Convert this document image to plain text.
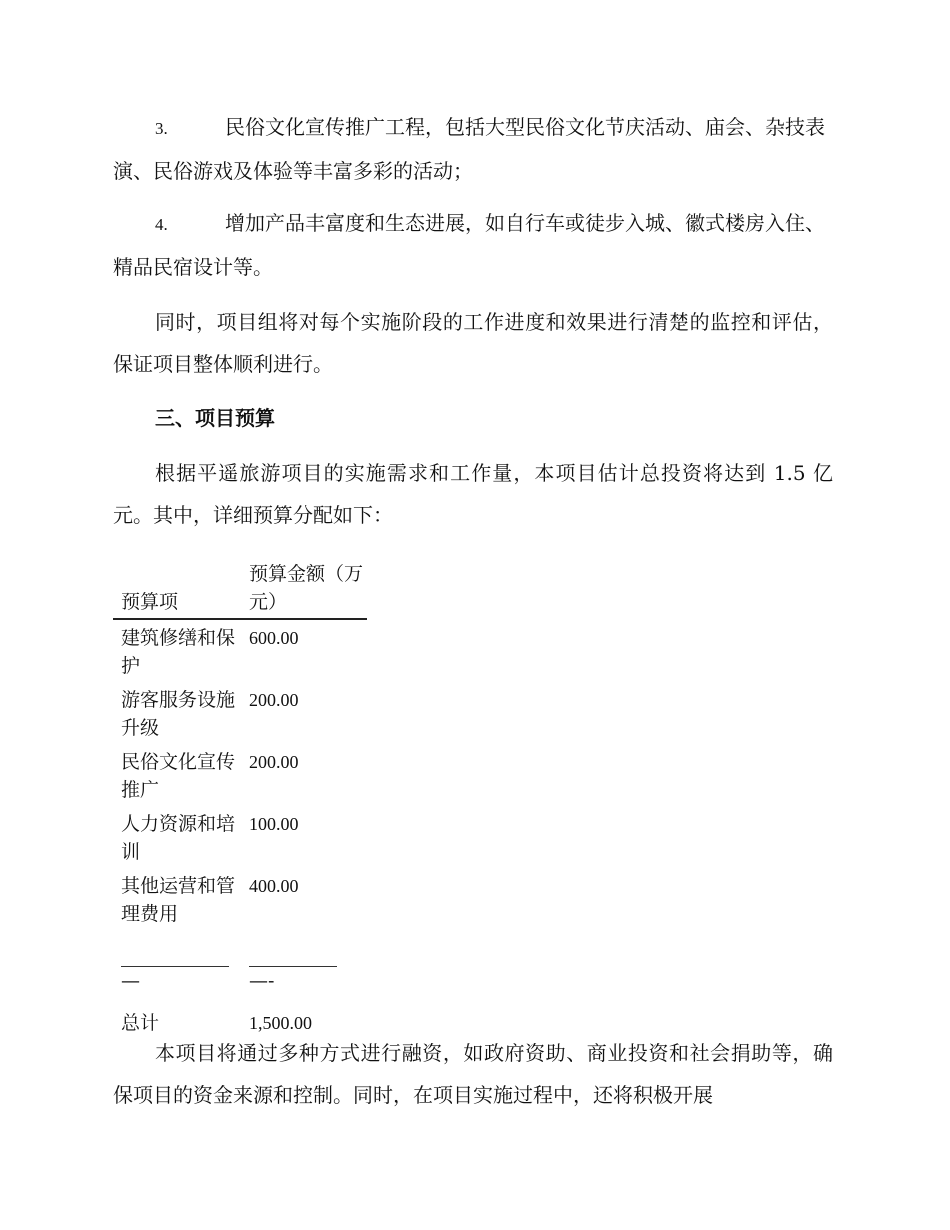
3.	民俗文化宣传推广工程，包括大型民俗文化节庆活动、庙会、杂技表演、民俗游戏及体验等丰富多彩的活动；

4.	增加产品丰富度和生态进展，如自行车或徒步入城、徽式楼房入住、精品民宿设计等。

同时，项目组将对每个实施阶段的工作进度和效果进行清楚的监控和评估，保证项目整体顺利进行。

三、项目预算

根据平遥旅游项目的实施需求和工作量，本项目估计总投资将达到 1.5 亿元。其中，详细预算分配如下：

预算项	预算金额（万元）
建筑修缮和保护	600.00
游客服务设施升级	200.00
民俗文化宣传推广	200.00
人力资源和培训	100.00
其他运营和管理费用	400.00

—	—-
总计	1,500.00

本项目将通过多种方式进行融资，如政府资助、商业投资和社会捐助等，确保项目的资金来源和控制。同时，在项目实施过程中，还将积极开展
